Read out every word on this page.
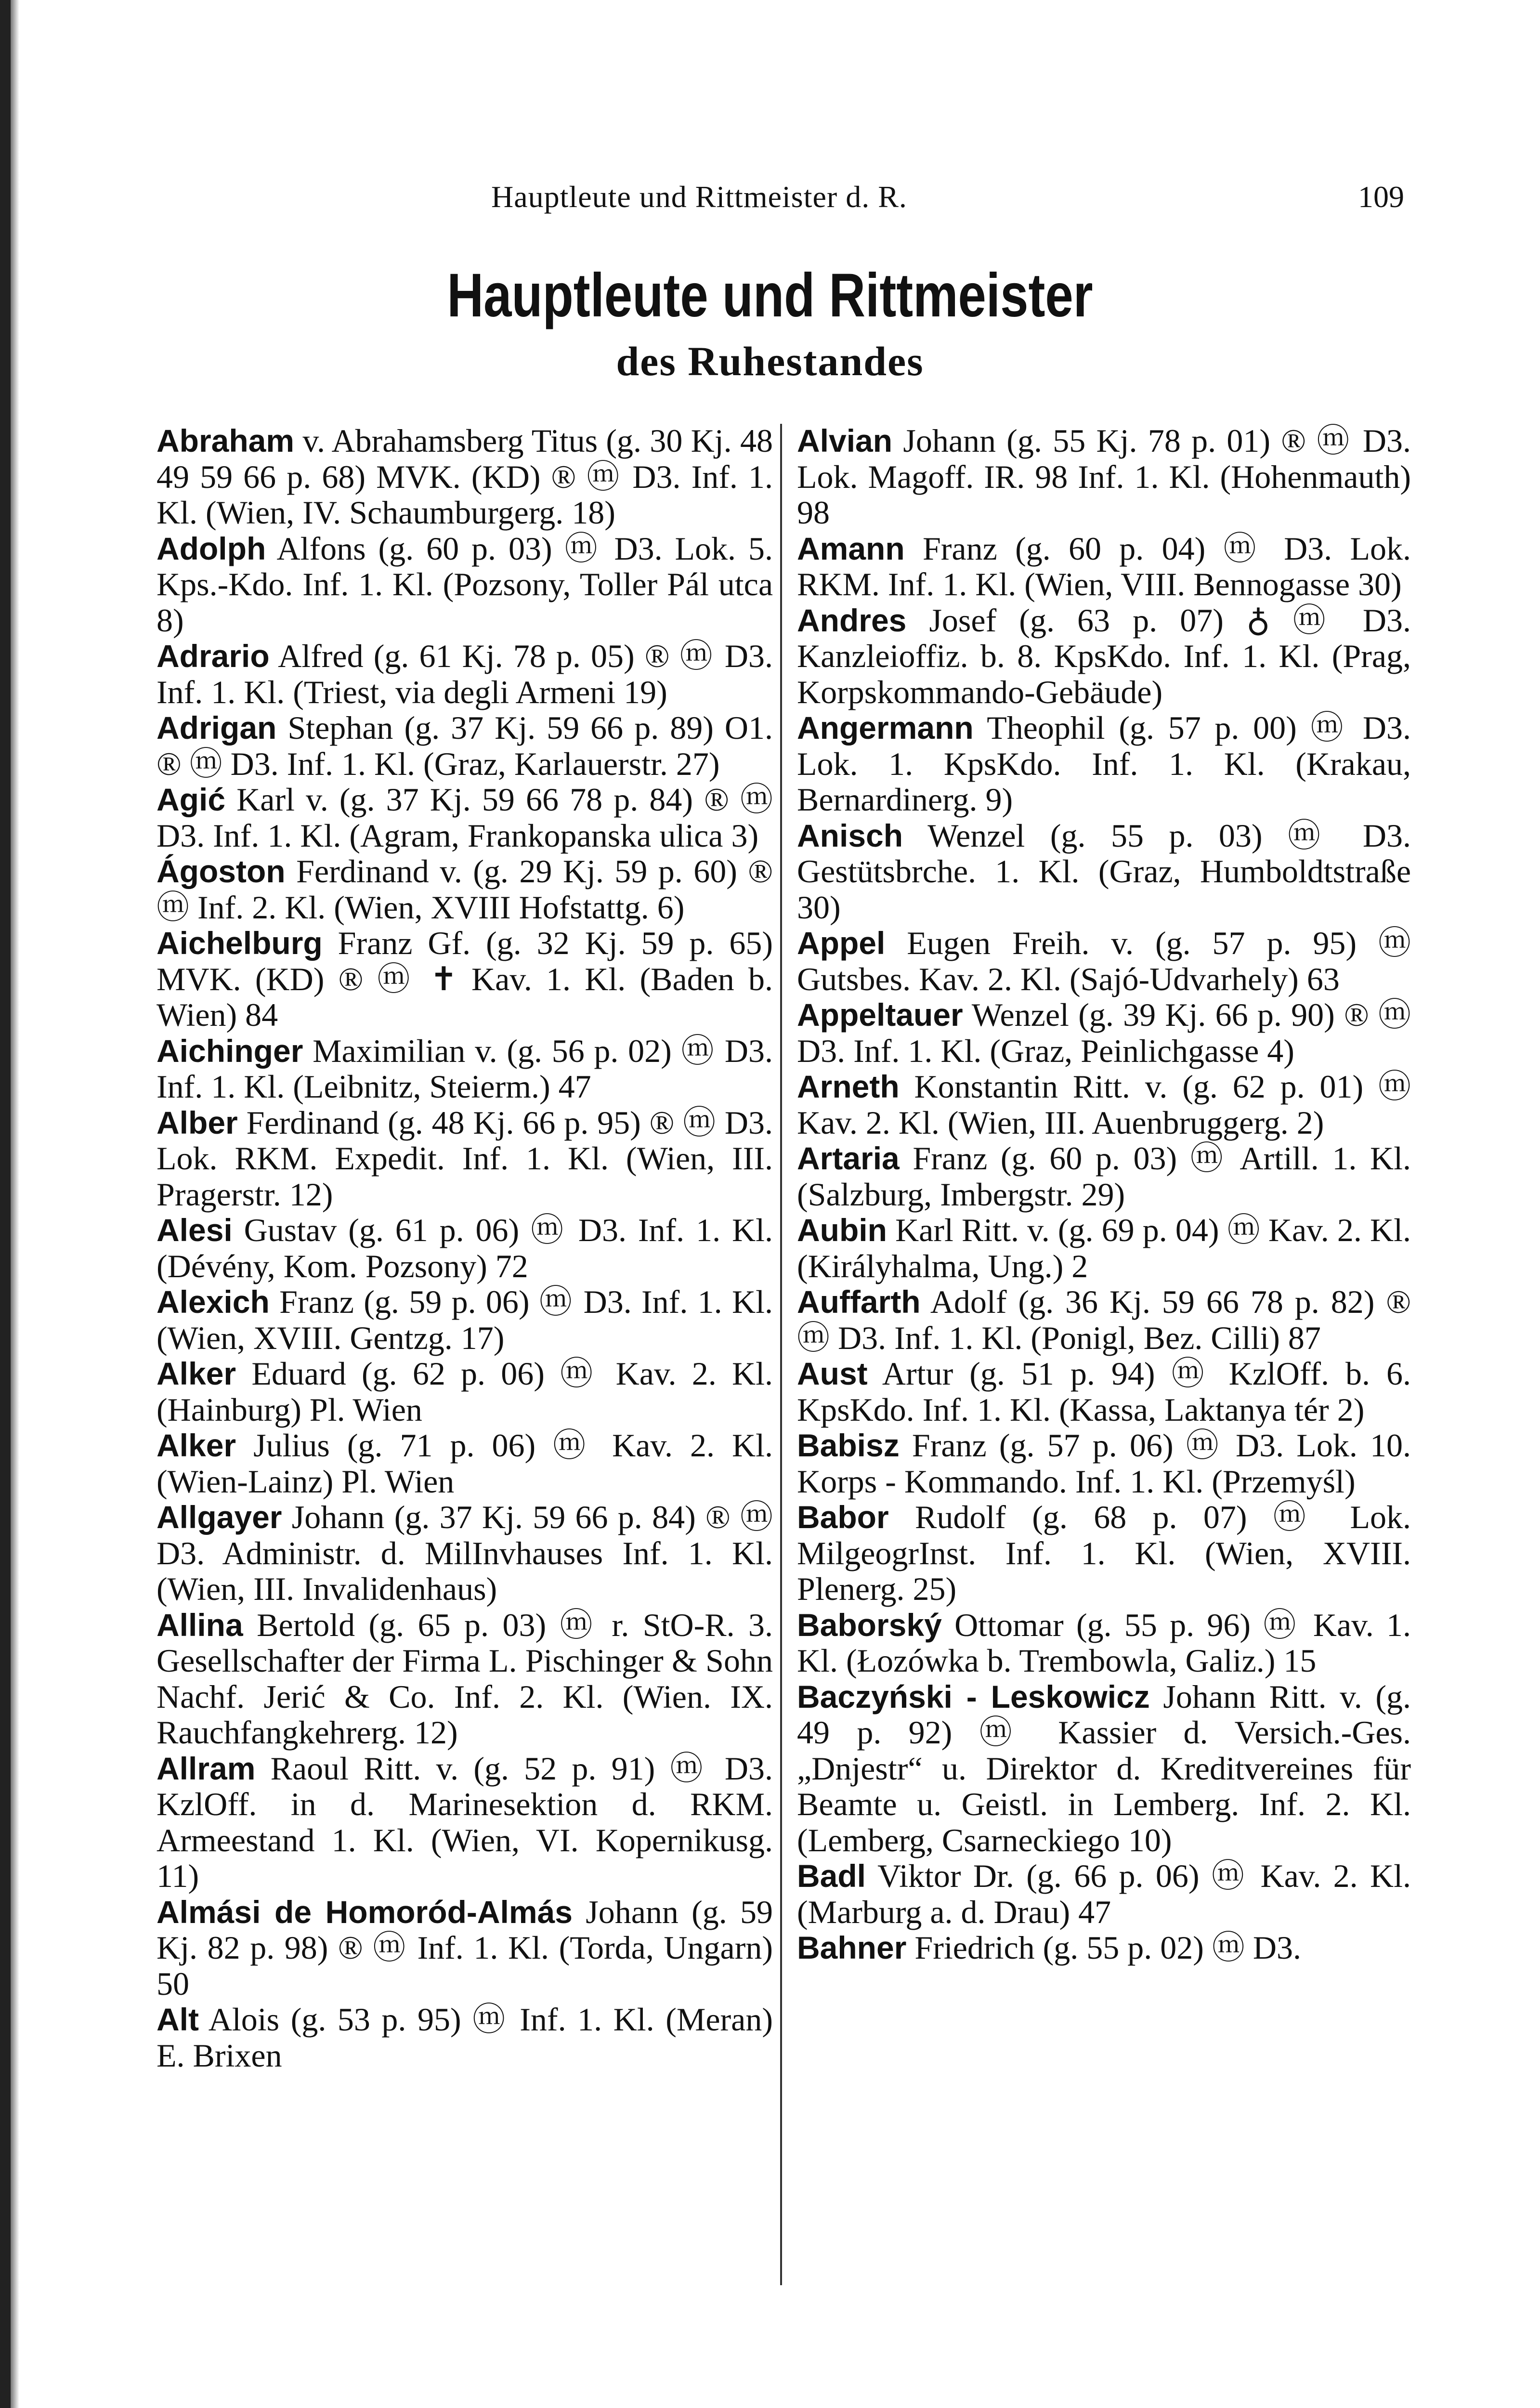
Hauptleute und Rittmeister d. R.	109
Hauptleute und Rittmeister
des Ruhestandes
Abraham v. Abrahamsberg Titus (g. 30 Kj. 48 49 59 66 p. 68) MVK. (KD) ® ⓜ D3. Inf. 1. Kl. (Wien, IV. Schaumburgerg. 18)
Adolph Alfons (g. 60 p. 03) ⓜ D3. Lok. 5. Kps.-Kdo. Inf. 1. Kl. (Pozsony, Toller Pál utca 8)
Adrario Alfred (g. 61 Kj. 78 p. 05) ® ⓜ D3. Inf. 1. Kl. (Triest, via degli Armeni 19)
Adrigan Stephan (g. 37 Kj. 59 66 p. 89) O1. ® ⓜ D3. Inf. 1. Kl. (Graz, Karlauerstr. 27)
Agić Karl v. (g. 37 Kj. 59 66 78 p. 84) ® ⓜ D3. Inf. 1. Kl. (Agram, Frankopanska ulica 3)
Ágoston Ferdinand v. (g. 29 Kj. 59 p. 60) ® ⓜ Inf. 2. Kl. (Wien, XVIII Hofstattg. 6)
Aichelburg Franz Gf. (g. 32 Kj. 59 p. 65) MVK. (KD) ® ⓜ ✝ Kav. 1. Kl. (Baden b. Wien) 84
Aichinger Maximilian v. (g. 56 p. 02) ⓜ D3. Inf. 1. Kl. (Leibnitz, Steierm.) 47
Alber Ferdinand (g. 48 Kj. 66 p. 95) ® ⓜ D3. Lok. RKM. Expedit. Inf. 1. Kl. (Wien, III. Pragerstr. 12)
Alesi Gustav (g. 61 p. 06) ⓜ D3. Inf. 1. Kl. (Dévény, Kom. Pozsony) 72
Alexich Franz (g. 59 p. 06) ⓜ D3. Inf. 1. Kl. (Wien, XVIII. Gentzg. 17)
Alker Eduard (g. 62 p. 06) ⓜ Kav. 2. Kl. (Hainburg) Pl. Wien
Alker Julius (g. 71 p. 06) ⓜ Kav. 2. Kl. (Wien-Lainz) Pl. Wien
Allgayer Johann (g. 37 Kj. 59 66 p. 84) ® ⓜ D3. Administr. d. MilInvhauses Inf. 1. Kl. (Wien, III. Invalidenhaus)
Allina Bertold (g. 65 p. 03) ⓜ r. StO-R. 3. Gesellschafter der Firma L. Pischinger & Sohn Nachf. Jerić & Co. Inf. 2. Kl. (Wien. IX. Rauchfangkehrerg. 12)
Allram Raoul Ritt. v. (g. 52 p. 91) ⓜ D3. KzlOff. in d. Marinesektion d. RKM. Armeestand 1. Kl. (Wien, VI. Kopernikusg. 11)
Almási de Homoród-Almás Johann (g. 59 Kj. 82 p. 98) ® ⓜ Inf. 1. Kl. (Torda, Ungarn) 50
Alt Alois (g. 53 p. 95) ⓜ Inf. 1. Kl. (Meran) E. Brixen
Alvian Johann (g. 55 Kj. 78 p. 01) ® ⓜ D3. Lok. Magoff. IR. 98 Inf. 1. Kl. (Hohenmauth) 98
Amann Franz (g. 60 p. 04) ⓜ D3. Lok. RKM. Inf. 1. Kl. (Wien, VIII. Bennogasse 30)
Andres Josef (g. 63 p. 07) ♁ ⓜ D3. Kanzleioffiz. b. 8. KpsKdo. Inf. 1. Kl. (Prag, Korpskommando-Gebäude)
Angermann Theophil (g. 57 p. 00) ⓜ D3. Lok. 1. KpsKdo. Inf. 1. Kl. (Krakau, Bernardinerg. 9)
Anisch Wenzel (g. 55 p. 03) ⓜ D3. Gestütsbrche. 1. Kl. (Graz, Humboldtstraße 30)
Appel Eugen Freih. v. (g. 57 p. 95) ⓜ Gutsbes. Kav. 2. Kl. (Sajó-Udvarhely) 63
Appeltauer Wenzel (g. 39 Kj. 66 p. 90) ® ⓜ D3. Inf. 1. Kl. (Graz, Peinlichgasse 4)
Arneth Konstantin Ritt. v. (g. 62 p. 01) ⓜ Kav. 2. Kl. (Wien, III. Auenbruggerg. 2)
Artaria Franz (g. 60 p. 03) ⓜ Artill. 1. Kl. (Salzburg, Imbergstr. 29)
Aubin Karl Ritt. v. (g. 69 p. 04) ⓜ Kav. 2. Kl. (Királyhalma, Ung.) 2
Auffarth Adolf (g. 36 Kj. 59 66 78 p. 82) ® ⓜ D3. Inf. 1. Kl. (Ponigl, Bez. Cilli) 87
Aust Artur (g. 51 p. 94) ⓜ KzlOff. b. 6. KpsKdo. Inf. 1. Kl. (Kassa, Laktanya tér 2)
Babisz Franz (g. 57 p. 06) ⓜ D3. Lok. 10. Korps - Kommando. Inf. 1. Kl. (Przemyśl)
Babor Rudolf (g. 68 p. 07) ⓜ Lok. MilgeogrInst. Inf. 1. Kl. (Wien, XVIII. Plenerg. 25)
Baborský Ottomar (g. 55 p. 96) ⓜ Kav. 1. Kl. (Łozówka b. Trembowla, Galiz.) 15
Baczyński - Leskowicz Johann Ritt. v. (g. 49 p. 92) ⓜ Kassier d. Versich.-Ges. „Dnjestr“ u. Direktor d. Kreditvereines für Beamte u. Geistl. in Lemberg. Inf. 2. Kl. (Lemberg, Csarneckiego 10)
Badl Viktor Dr. (g. 66 p. 06) ⓜ Kav. 2. Kl. (Marburg a. d. Drau) 47
Bahner Friedrich (g. 55 p. 02) ⓜ D3.
